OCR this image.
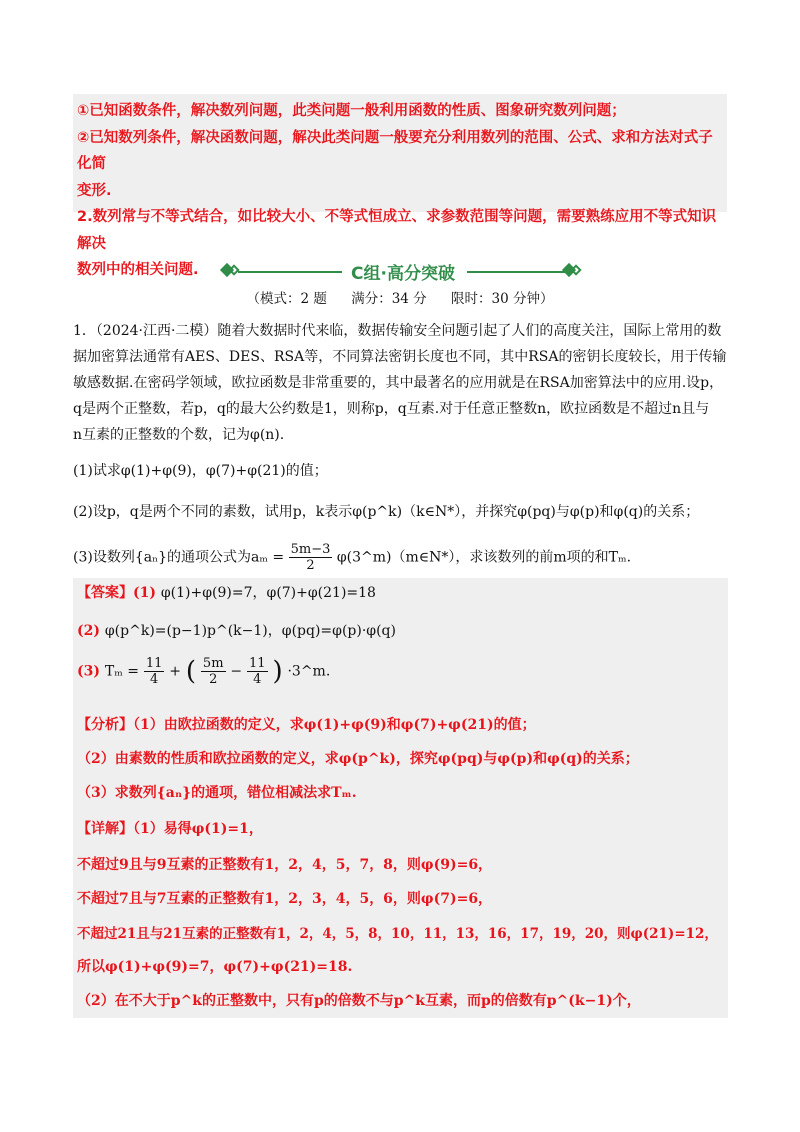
①已知函数条件，解决数列问题，此类问题一般利用函数的性质、图象研究数列问题；

②已知数列条件，解决函数问题，解决此类问题一般要充分利用数列的范围、公式、求和方法对式子化简

变形.

2.数列常与不等式结合，如比较大小、不等式恒成立、求参数范围等问题，需要熟练应用不等式知识解决

数列中的相关问题.	C组·高分突破
（模式：2 题 满分：34 分 限时：30 分钟）

1．（2024·江西·二模）随着大数据时代来临，数据传输安全问题引起了人们的高度关注，国际上常用的数

据加密算法通常有AES、DES、RSA等，不同算法密钥长度也不同，其中RSA的密钥长度较长，用于传输

敏感数据.在密码学领域，欧拉函数是非常重要的，其中最著名的应用就是在RSA加密算法中的应用.设p，

q是两个正整数，若p，q的最大公约数是1，则称p，q互素.对于任意正整数n，欧拉函数是不超过n且与

n互素的正整数的个数，记为φ(n).

(1)试求φ(1)+φ(9)，φ(7)+φ(21)的值；
(2)设p，q是两个不同的素数，试用p，k表示φ(p^k)（k∈N*），并探究φ(pq)与φ(p)和φ(q)的关系；
(3)设数列{aₙ}的通项公式为$a_m = \frac{5m-3}{2}$ φ(3^m)（m∈N*），求该数列的前m项的和Tₘ.
【答案】(1) φ(1)+φ(9)=7，φ(7)+φ(21)=18
(2) φ(p^k)=(p−1)p^(k−1)，φ(pq)=φ(p)·φ(q)
(3) $T_m = \frac{11}{4}$ + ( $\frac{5m}{2} - \frac{11}{4}$ ) ·3^m.
【分析】（1）由欧拉函数的定义，求φ(1)+φ(9)和φ(7)+φ(21)的值；
（2）由素数的性质和欧拉函数的定义，求φ(p^k)，探究φ(pq)与φ(p)和φ(q)的关系；
（3）求数列{aₙ}的通项，错位相减法求Tₘ.
【详解】（1）易得φ(1)=1，
不超过9且与9互素的正整数有1，2，4，5，7，8，则φ(9)=6，
不超过7且与7互素的正整数有1，2，3，4，5，6，则φ(7)=6，
不超过21且与21互素的正整数有1，2，4，5，8，10，11，13，16，17，19，20，则φ(21)=12，
所以φ(1)+φ(9)=7，φ(7)+φ(21)=18.
（2）在不大于p^k的正整数中，只有p的倍数不与p^k互素，而p的倍数有p^(k−1)个，
